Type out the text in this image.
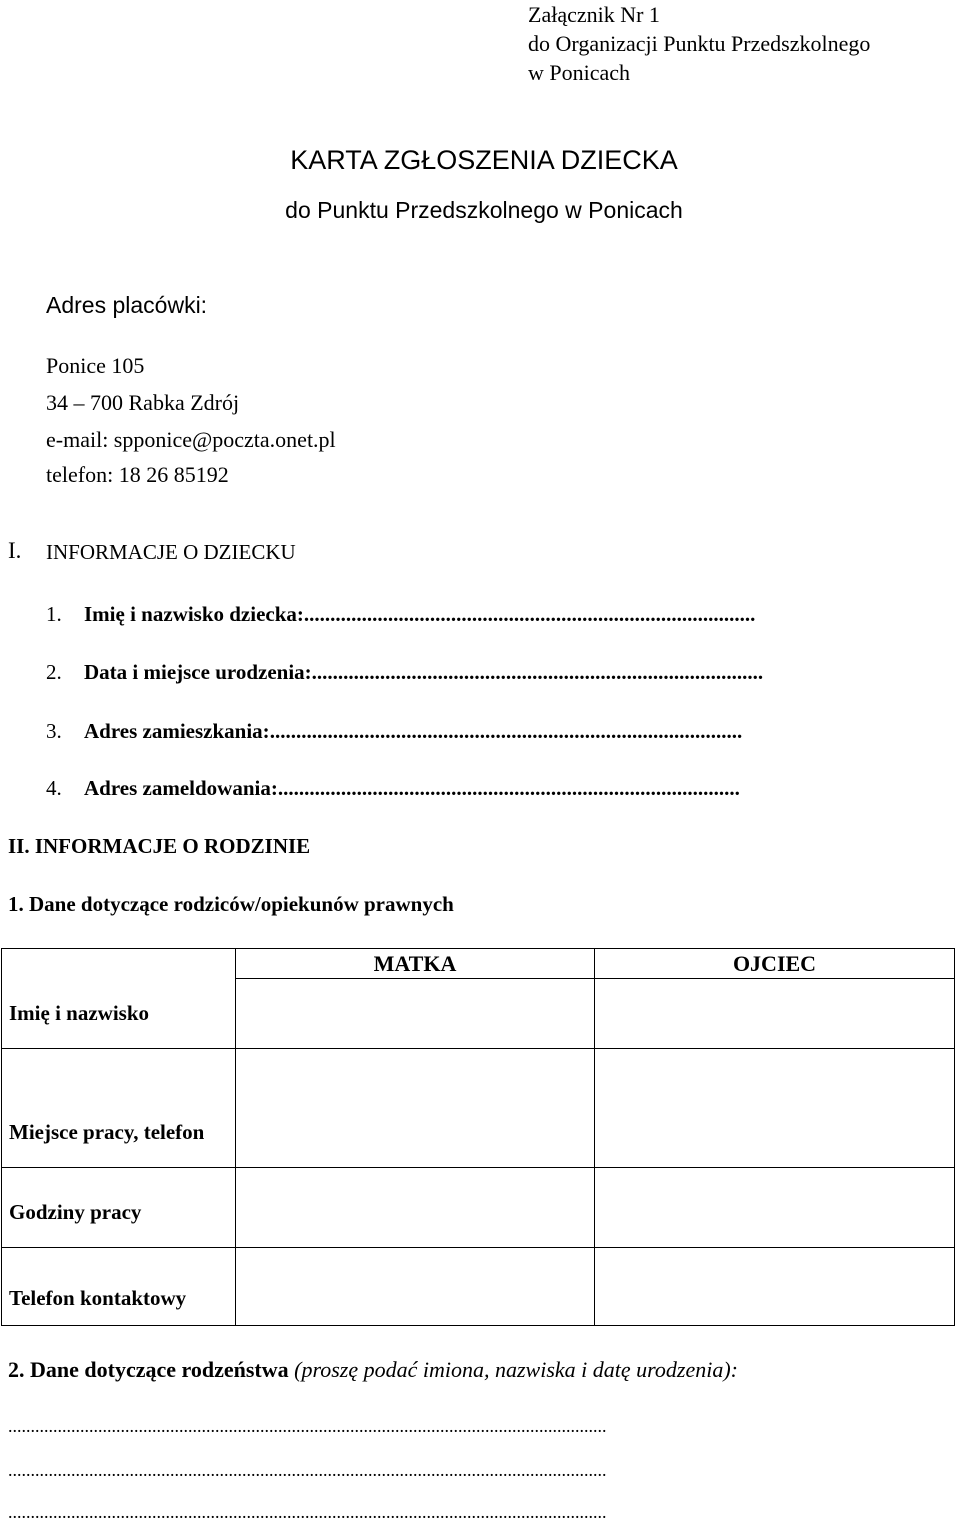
Załącznik Nr 1
do Organizacji Punktu Przedszkolnego
w Ponicach
KARTA ZGŁOSZENIA DZIECKA
do Punktu Przedszkolnego w Ponicach
Adres placówki:
Ponice 105
34 – 700 Rabka Zdrój
e-mail: spponice@poczta.onet.pl
telefon: 18 26 85192
I. INFORMACJE O DZIECKU
1. Imię i nazwisko dziecka:......................................................................................
2. Data i miejsce urodzenia:......................................................................................
3. Adres zamieszkania:..........................................................................................
4. Adres zameldowania:........................................................................................
II. INFORMACJE O RODZINIE
1. Dane dotyczące rodziców/opiekunów prawnych
Imię i nazwisko	MATKA	OJCIEC

Miejsce pracy, telefon		
Godziny pracy		
Telefon kontaktowy		
2. Dane dotyczące rodzeństwa (proszę podać imiona, nazwiska i datę urodzenia):
.....................................................................................................................................
.....................................................................................................................................
.....................................................................................................................................
